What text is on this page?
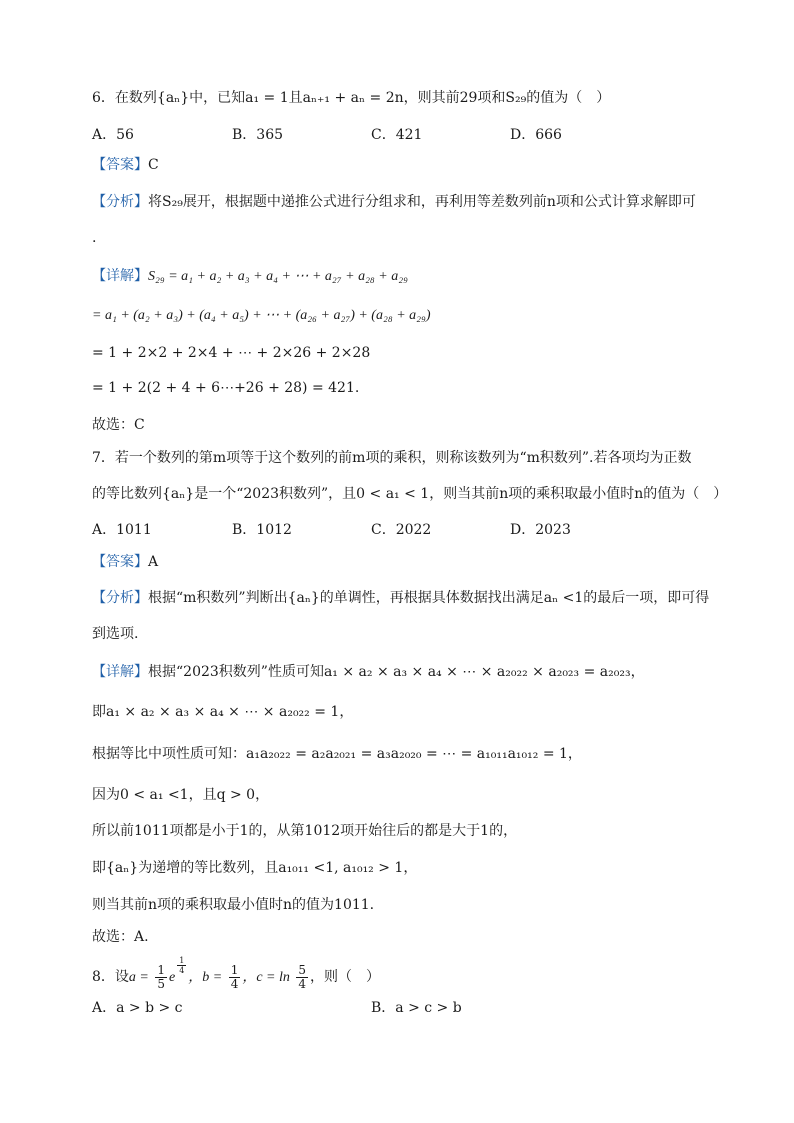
6．在数列{aₙ}中，已知a₁ = 1且aₙ₊₁ + aₙ = 2n，则其前29项和S₂₉的值为（　）
A．56	B．365	C．421	D．666
【答案】C
【分析】将S₂₉展开，根据题中递推公式进行分组求和，再利用等差数列前n项和公式计算求解即可
.
【详解】S₂₉ = a₁ + a₂ + a₃ + a₄ + ⋯ + a₂₇ + a₂₈ + a₂₉
= a₁ + (a₂ + a₃) + (a₄ + a₅) + ⋯ + (a₂₆ + a₂₇) + (a₂₈ + a₂₉)
= 1 + 2×2 + 2×4 + ⋯ + 2×26 + 2×28
= 1 + 2(2 + 4 + 6⋯+26 + 28) = 421.
故选：C
7．若一个数列的第m项等于这个数列的前m项的乘积，则称该数列为“m积数列”.若各项均为正数
的等比数列{aₙ}是一个“2023积数列”，且0 < a₁ < 1，则当其前n项的乘积取最小值时n的值为（　）
A．1011	B．1012	C．2022	D．2023
【答案】A
【分析】根据“m积数列”判断出{aₙ}的单调性，再根据具体数据找出满足aₙ <1的最后一项，即可得
到选项.
【详解】根据“2023积数列”性质可知a₁ × a₂ × a₃ × a₄ × ⋯ × a₂₀₂₂ × a₂₀₂₃ = a₂₀₂₃，
即a₁ × a₂ × a₃ × a₄ × ⋯ × a₂₀₂₂ = 1，
根据等比中项性质可知：a₁a₂₀₂₂ = a₂a₂₀₂₁ = a₃a₂₀₂₀ = ⋯ = a₁₀₁₁a₁₀₁₂ = 1，
因为0 < a₁ <1，且q > 0，
所以前1011项都是小于1的，从第1012项开始往后的都是大于1的，
即{aₙ}为递增的等比数列，且a₁₀₁₁ <1, a₁₀₁₂ > 1，
则当其前n项的乘积取最小值时n的值为1011.
故选：A.
8．设$a = \frac{1}{5}$ e
$\frac{1}{4}$
，$b = \frac{1}{4}$ ，$c = \ln \frac{5}{4}$ ，则（　）
A．a > b > c	B．a > c > b
